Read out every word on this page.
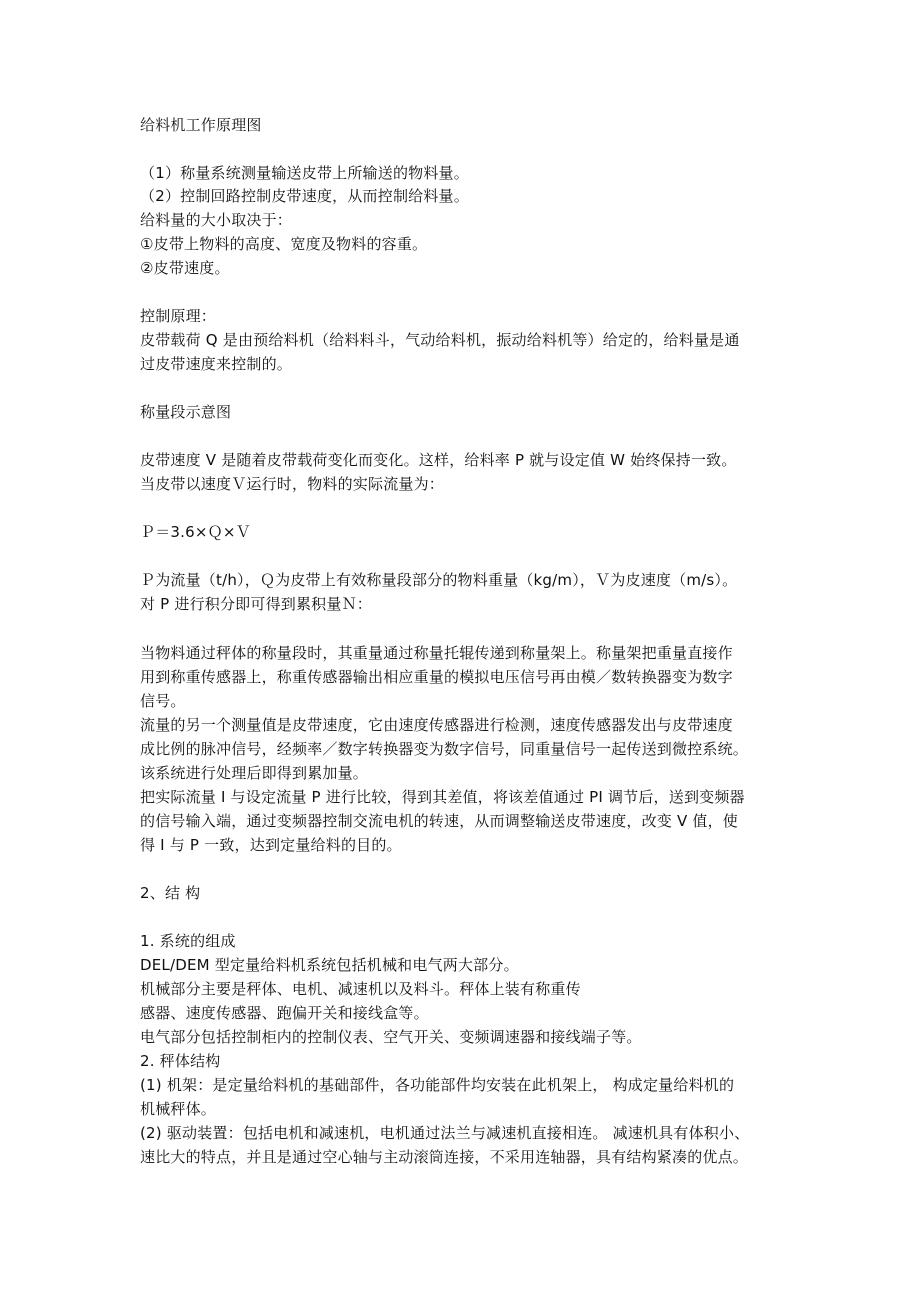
给料机工作原理图
（1）称量系统测量输送皮带上所输送的物料量。
（2）控制回路控制皮带速度，从而控制给料量。
给料量的大小取决于：
①皮带上物料的高度、宽度及物料的容重。
②皮带速度。
控制原理：
皮带载荷 Q 是由预给料机（给料料斗，气动给料机，振动给料机等）给定的，给料量是通
过皮带速度来控制的。
称量段示意图
皮带速度 V 是随着皮带载荷变化而变化。这样，给料率 P 就与设定值 W 始终保持一致。
当皮带以速度Ｖ运行时，物料的实际流量为：
Ｐ＝3.6×Ｑ×Ｖ
Ｐ为流量（t/h），Ｑ为皮带上有效称量段部分的物料重量（kg/m），Ｖ为皮速度（m/s）。
对 P 进行积分即可得到累积量Ｎ：
当物料通过秤体的称量段时，其重量通过称量托辊传递到称量架上。称量架把重量直接作
用到称重传感器上，称重传感器输出相应重量的模拟电压信号再由模／数转换器变为数字
信号。
流量的另一个测量值是皮带速度，它由速度传感器进行检测，速度传感器发出与皮带速度
成比例的脉冲信号，经频率／数字转换器变为数字信号，同重量信号一起传送到微控系统。
该系统进行处理后即得到累加量。
把实际流量 I 与设定流量 P 进行比较，得到其差值，将该差值通过 PI 调节后，送到变频器
的信号输入端，通过变频器控制交流电机的转速，从而调整输送皮带速度，改变 V 值，使
得 I 与 P 一致，达到定量给料的目的。
2、结 构
1. 系统的组成
DEL/DEM 型定量给料机系统包括机械和电气两大部分。
机械部分主要是秤体、电机、减速机以及料斗。秤体上装有称重传
感器、速度传感器、跑偏开关和接线盒等。
电气部分包括控制柜内的控制仪表、空气开关、变频调速器和接线端子等。
2. 秤体结构
(1) 机架：是定量给料机的基础部件，各功能部件均安装在此机架上， 构成定量给料机的
机械秤体。
(2) 驱动装置：包括电机和减速机，电机通过法兰与减速机直接相连。 减速机具有体积小、
速比大的特点，并且是通过空心轴与主动滚筒连接，不采用连轴器，具有结构紧凑的优点。
